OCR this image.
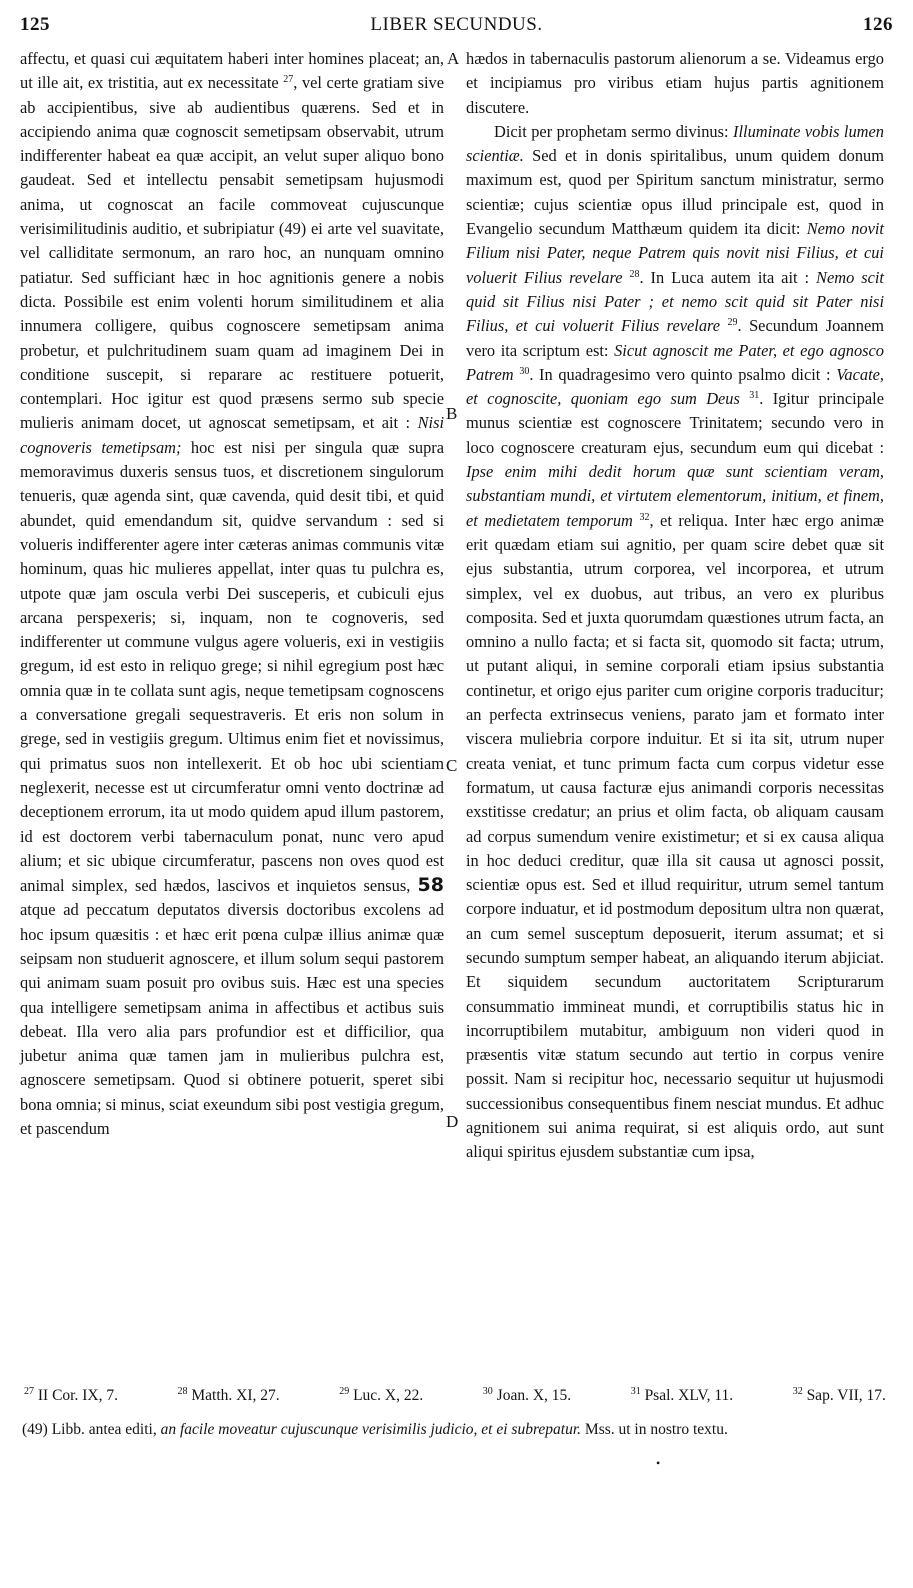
125	LIBER SECUNDUS.	126

affectu, et quasi cui æquitatem haberi inter homines placeat; an, ut ille ait, ex tristitia, aut ex necessitate $^{27}$, vel certe gratiam sive ab accipientibus, sive ab audientibus quærens. Sed et in accipiendo anima quæ cognoscit semetipsam observabit, utrum indifferenter habeat ea quæ accipit, an velut super aliquo bono gaudeat. Sed et intellectu pensabit semetipsam hujusmodi anima, ut cognoscat an facile commoveat cujuscunque verisimilitudinis auditio, et subripiatur (49) ei arte vel suavitate, vel calliditate sermonum, an raro hoc, an nunquam omnino patiatur. Sed sufficiant hæc in hoc agnitionis genere a nobis dicta. Possibile est enim volenti horum similitudinem et alia innumera colligere, quibus cognoscere semetipsam anima probetur, et pulchritudinem suam quam ad imaginem Dei in conditione suscepit, si reparare ac restituere potuerit, contemplari. Hoc igitur est quod præsens sermo sub specie mulieris animam docet, ut agnoscat semetipsam, et ait : Nisi cognoveris temetipsam; hoc est nisi per singula quæ supra memoravimus duxeris sensus tuos, et discretionem singulorum tenueris, quæ agenda sint, quæ cavenda, quid desit tibi, et quid abundet, quid emendandum sit, quidve servandum : sed si volueris indifferenter agere inter cæteras animas communis vitæ hominum, quas hic mulieres appellat, inter quas tu pulchra es, utpote quæ jam oscula verbi Dei susceperis, et cubiculi ejus arcana perspexeris; si, inquam, non te cognoveris, sed indifferenter ut commune vulgus agere volueris, exi in vestigiis gregum, id est esto in reliquo grege; si nihil egregium post hæc omnia quæ in te collata sunt agis, neque temetipsam cognoscens a conversatione gregali sequestraveris. Et eris non solum in grege, sed in vestigiis gregum. Ultimus enim fiet et novissimus, qui primatus suos non intellexerit. Et ob hoc ubi scientiam neglexerit, necesse est ut circumferatur omni vento doctrinæ ad deceptionem errorum, ita ut modo quidem apud illum pastorem, id est doctorem verbi tabernaculum ponat, nunc vero apud alium; et sic ubique circumferatur, pascens non oves quod est animal simplex, sed hædos, lascivos et inquietos sensus, 58 atque ad peccatum deputatos diversis doctoribus excolens ad hoc ipsum quæsitis : et hæc erit pœna culpæ illius animæ quæ seipsam non studuerit agnoscere, et illum solum sequi pastorem qui animam suam posuit pro ovibus suis. Hæc est una species qua intelligere semetipsam anima in affectibus et actibus suis debeat. Illa vero alia pars profundior est et difficilior, qua jubetur anima quæ tamen jam in mulieribus pulchra est, agnoscere semetipsam. Quod si obtinere potuerit, speret sibi bona omnia; si minus, sciat exeundum sibi post vestigia gregum, et pascendum

A
B
C
D

hædos in tabernaculis pastorum alienorum a se. Videamus ergo et incipiamus pro viribus etiam hujus partis agnitionem discutere.

Dicit per prophetam sermo divinus: Illuminate vobis lumen scientiæ. Sed et in donis spiritalibus, unum quidem donum maximum est, quod per Spiritum sanctum ministratur, sermo scientiæ; cujus scientiæ opus illud principale est, quod in Evangelio secundum Matthæum quidem ita dicit: Nemo novit Filium nisi Pater, neque Patrem quis novit nisi Filius, et cui voluerit Filius revelare $^{28}$. In Luca autem ita ait : Nemo scit quid sit Filius nisi Pater ; et nemo scit quid sit Pater nisi Filius, et cui voluerit Filius revelare $^{29}$. Secundum Joannem vero ita scriptum est: Sicut agnoscit me Pater, et ego agnosco Patrem $^{30}$. In quadragesimo vero quinto psalmo dicit : Vacate, et cognoscite, quoniam ego sum Deus $^{31}$. Igitur principale munus scientiæ est cognoscere Trinitatem; secundo vero in loco cognoscere creaturam ejus, secundum eum qui dicebat : Ipse enim mihi dedit horum quæ sunt scientiam veram, substantiam mundi, et virtutem elementorum, initium, et finem, et medietatem temporum $^{32}$, et reliqua. Inter hæc ergo animæ erit quædam etiam sui agnitio, per quam scire debet quæ sit ejus substantia, utrum corporea, vel incorporea, et utrum simplex, vel ex duobus, aut tribus, an vero ex pluribus composita. Sed et juxta quorumdam quæstiones utrum facta, an omnino a nullo facta; et si facta sit, quomodo sit facta; utrum, ut putant aliqui, in semine corporali etiam ipsius substantia continetur, et origo ejus pariter cum origine corporis traducitur; an perfecta extrinsecus veniens, parato jam et formato inter viscera muliebria corpore induitur. Et si ita sit, utrum nuper creata veniat, et tunc primum facta cum corpus videtur esse formatum, ut causa facturæ ejus animandi corporis necessitas exstitisse credatur; an prius et olim facta, ob aliquam causam ad corpus sumendum venire existimetur; et si ex causa aliqua in hoc deduci creditur, quæ illa sit causa ut agnosci possit, scientiæ opus est. Sed et illud requiritur, utrum semel tantum corpore induatur, et id postmodum depositum ultra non quærat, an cum semel susceptum deposuerit, iterum assumat; et si secundo sumptum semper habeat, an aliquando iterum abjiciat. Et siquidem secundum auctoritatem Scripturarum consummatio immineat mundi, et corruptibilis status hic in incorruptibilem mutabitur, ambiguum non videri quod in præsentis vitæ statum secundo aut tertio in corpus venire possit. Nam si recipitur hoc, necessario sequitur ut hujusmodi successionibus consequentibus finem nesciat mundus. Et adhuc agnitionem sui anima requirat, si est aliquis ordo, aut sunt aliqui spiritus ejusdem substantiæ cum ipsa,

$^{27}$ II Cor. IX, 7.	$^{28}$ Matth. XI, 27.	$^{29}$ Luc. X, 22.	$^{30}$ Joan. X, 15.	$^{31}$ Psal. XLV, 11.	$^{32}$ Sap. VII, 17.
(49) Libb. antea editi, an facile moveatur cujuscunque verisimilis judicio, et ei subrepatur. Mss. ut in nostro textu.
•
